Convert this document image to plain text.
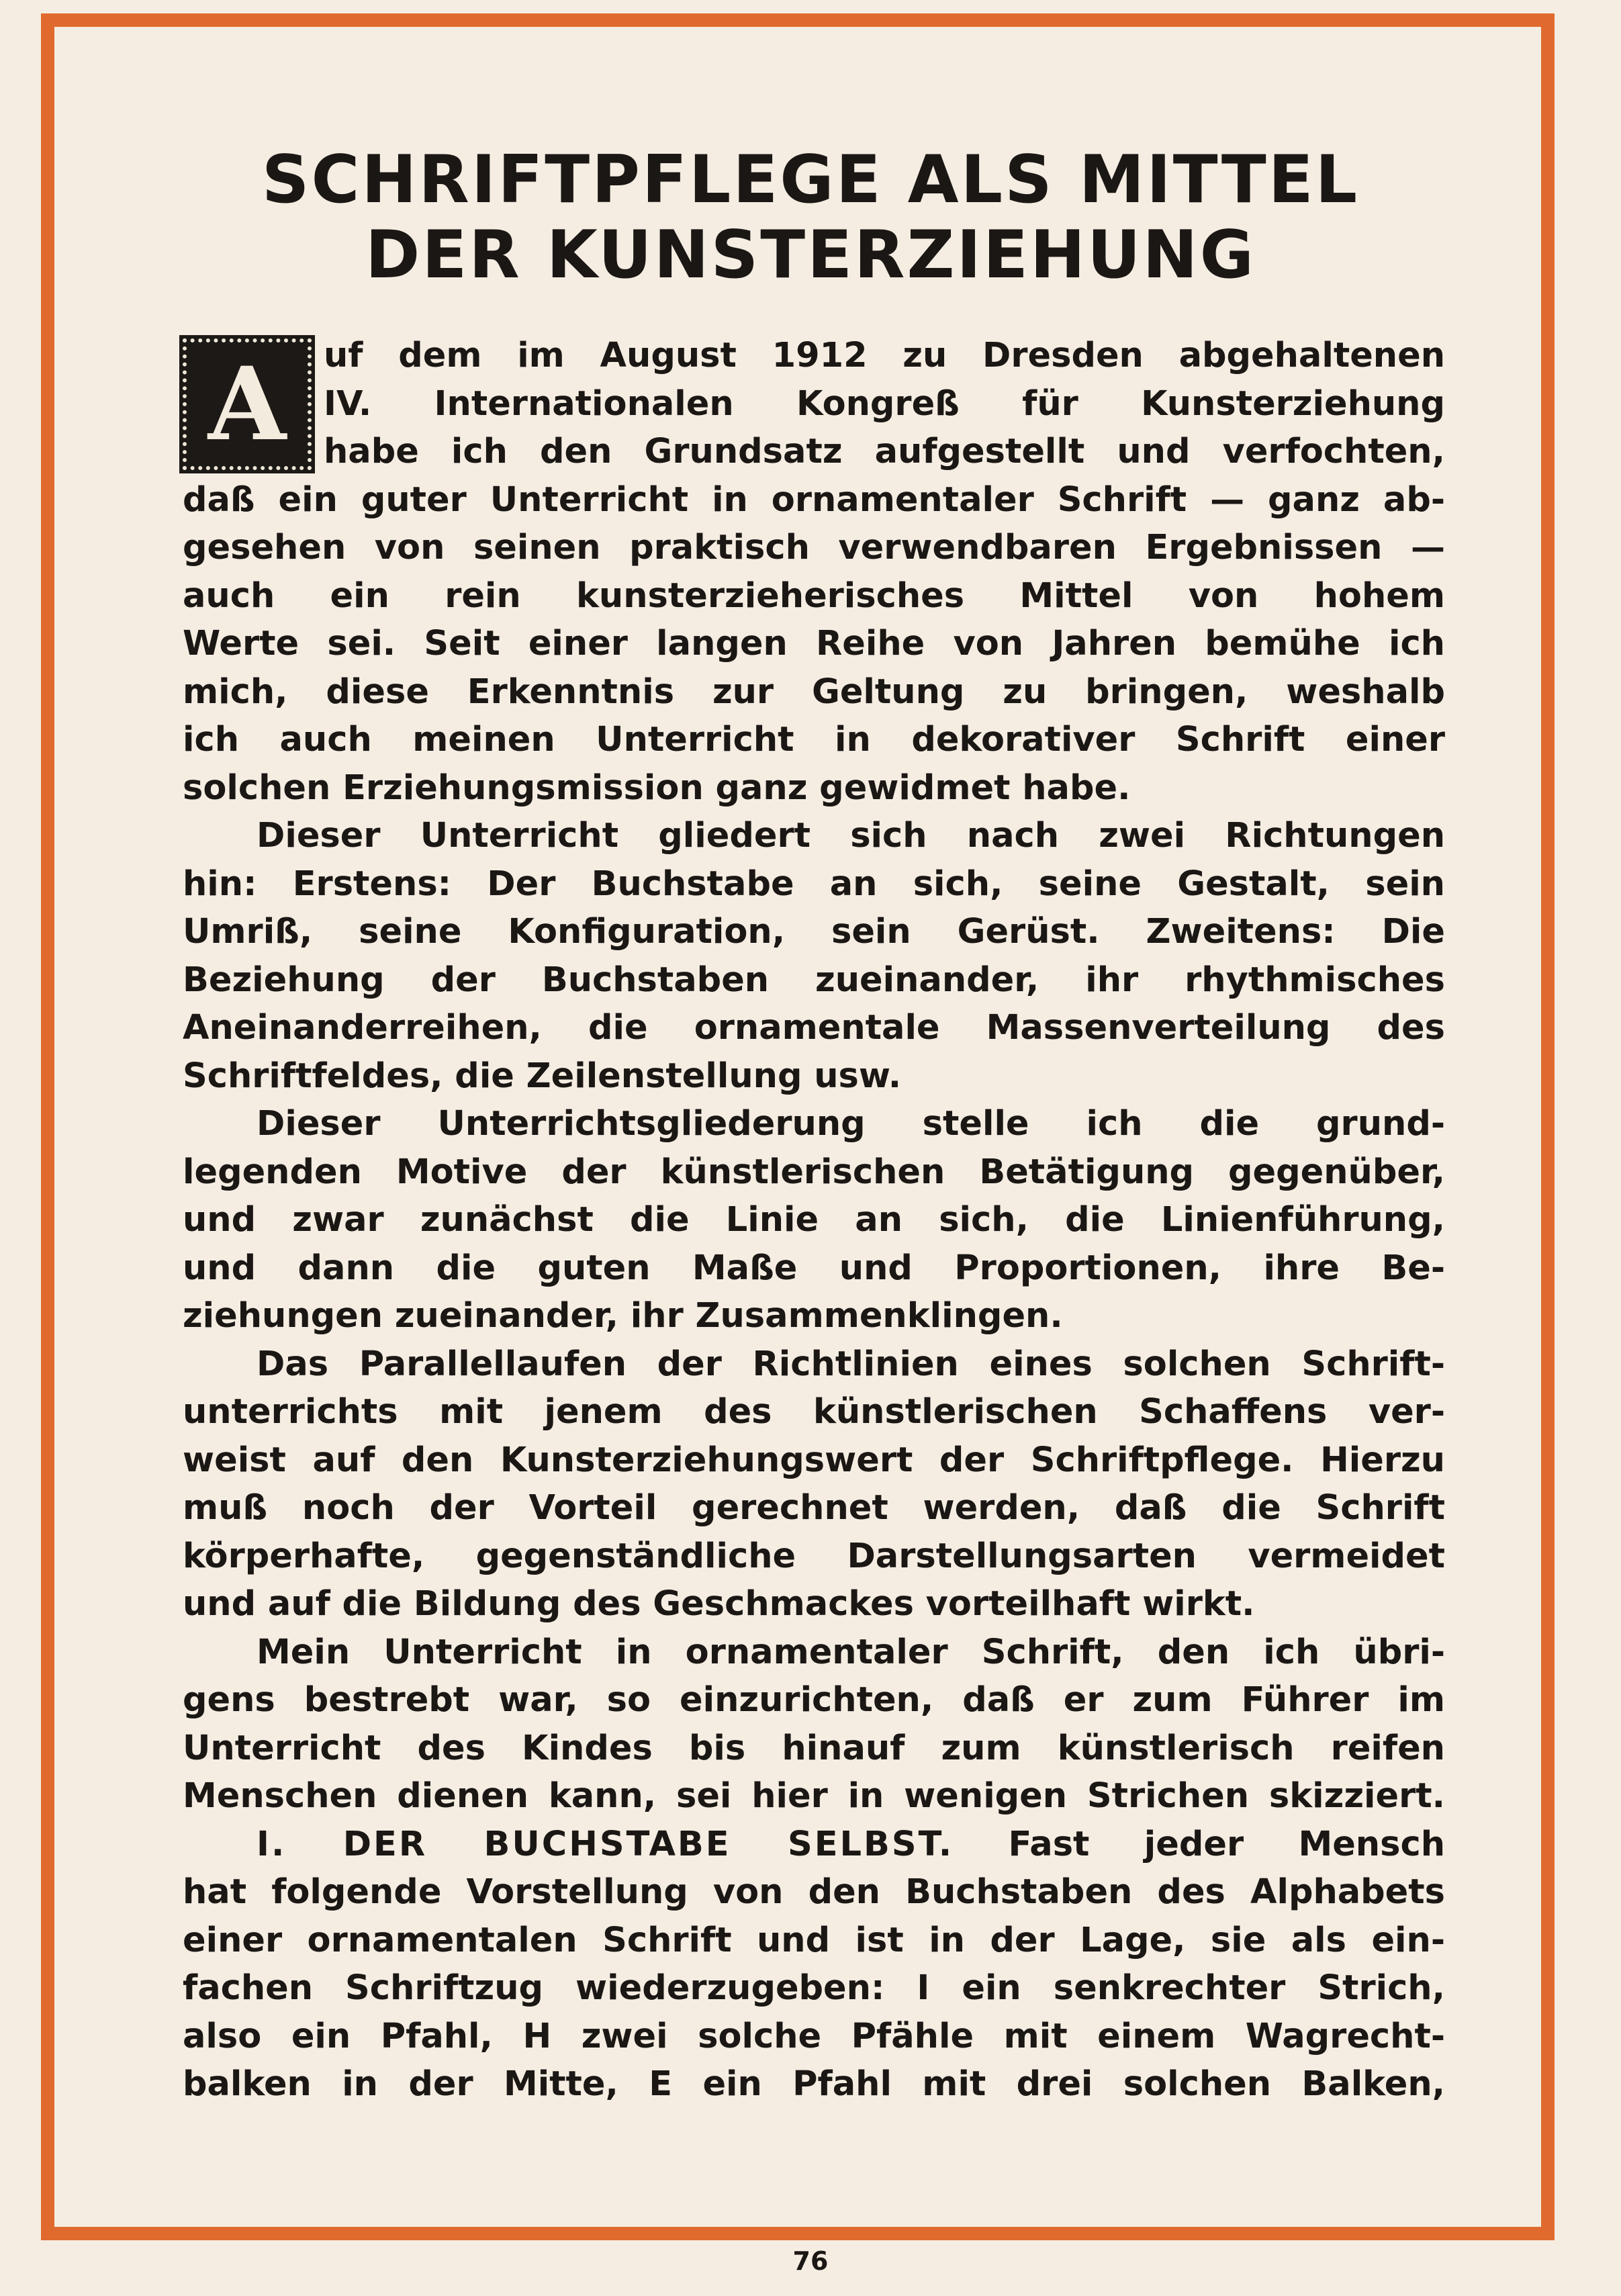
SCHRIFTPFLEGE ALS MITTEL
DER KUNSTERZIEHUNG
A	uf dem im August 1912 zu Dresden abgehaltenen
IV. Internationalen Kongreß für Kunsterziehung
habe ich den Grundsatz aufgestellt und verfochten,
daß ein guter Unterricht in ornamentaler Schrift — ganz ab-
gesehen von seinen praktisch verwendbaren Ergebnissen —
auch ein rein kunsterzieherisches Mittel von hohem
Werte sei. Seit einer langen Reihe von Jahren bemühe ich
mich, diese Erkenntnis zur Geltung zu bringen, weshalb
ich auch meinen Unterricht in dekorativer Schrift einer
solchen Erziehungsmission ganz gewidmet habe.

Dieser Unterricht gliedert sich nach zwei Richtungen
hin: Erstens: Der Buchstabe an sich, seine Gestalt, sein
Umriß, seine Konfiguration, sein Gerüst. Zweitens: Die
Beziehung der Buchstaben zueinander, ihr rhythmisches
Aneinanderreihen, die ornamentale Massenverteilung des
Schriftfeldes, die Zeilenstellung usw.

Dieser Unterrichtsgliederung stelle ich die grund-
legenden Motive der künstlerischen Betätigung gegenüber,
und zwar zunächst die Linie an sich, die Linienführung,
und dann die guten Maße und Proportionen, ihre Be-
ziehungen zueinander, ihr Zusammenklingen.

Das Parallellaufen der Richtlinien eines solchen Schrift-
unterrichts mit jenem des künstlerischen Schaffens ver-
weist auf den Kunsterziehungswert der Schriftpflege. Hierzu
muß noch der Vorteil gerechnet werden, daß die Schrift
körperhafte, gegenständliche Darstellungsarten vermeidet
und auf die Bildung des Geschmackes vorteilhaft wirkt.

Mein Unterricht in ornamentaler Schrift, den ich übri-
gens bestrebt war, so einzurichten, daß er zum Führer im
Unterricht des Kindes bis hinauf zum künstlerisch reifen
Menschen dienen kann, sei hier in wenigen Strichen skizziert.

I. DER BUCHSTABE SELBST. Fast jeder Mensch
hat folgende Vorstellung von den Buchstaben des Alphabets
einer ornamentalen Schrift und ist in der Lage, sie als ein-
fachen Schriftzug wiederzugeben: I ein senkrechter Strich,
also ein Pfahl, H zwei solche Pfähle mit einem Wagrecht-
balken in der Mitte, E ein Pfahl mit drei solchen Balken,

76
